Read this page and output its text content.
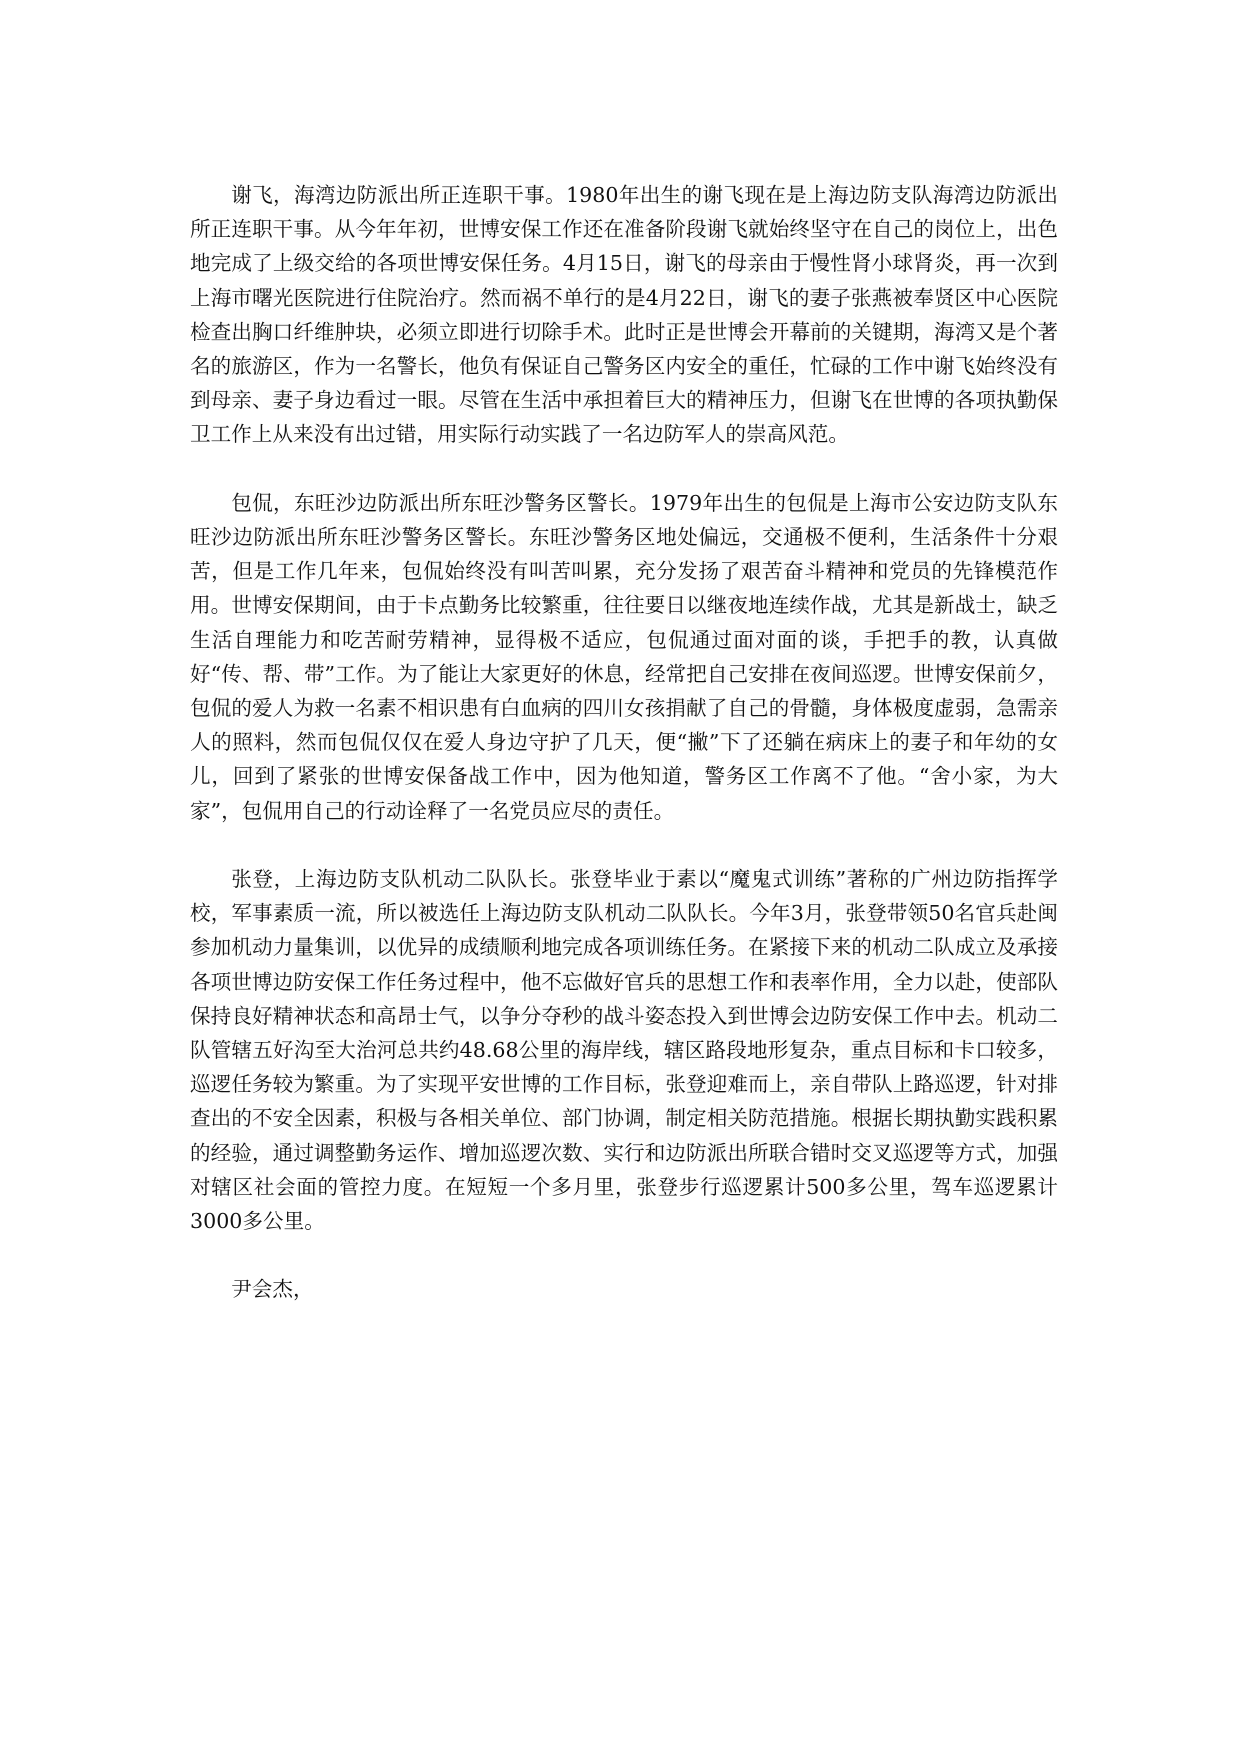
谢飞，海湾边防派出所正连职干事。1980年出生的谢飞现在是上海边防支队海湾边防派出所正连职干事。从今年年初，世博安保工作还在准备阶段谢飞就始终坚守在自己的岗位上，出色地完成了上级交给的各项世博安保任务。4月15日，谢飞的母亲由于慢性肾小球肾炎，再一次到上海市曙光医院进行住院治疗。然而祸不单行的是4月22日，谢飞的妻子张燕被奉贤区中心医院检查出胸口纤维肿块，必须立即进行切除手术。此时正是世博会开幕前的关键期，海湾又是个著名的旅游区，作为一名警长，他负有保证自己警务区内安全的重任，忙碌的工作中谢飞始终没有到母亲、妻子身边看过一眼。尽管在生活中承担着巨大的精神压力，但谢飞在世博的各项执勤保卫工作上从来没有出过错，用实际行动实践了一名边防军人的崇高风范。

包侃，东旺沙边防派出所东旺沙警务区警长。1979年出生的包侃是上海市公安边防支队东旺沙边防派出所东旺沙警务区警长。东旺沙警务区地处偏远，交通极不便利，生活条件十分艰苦，但是工作几年来，包侃始终没有叫苦叫累，充分发扬了艰苦奋斗精神和党员的先锋模范作用。世博安保期间，由于卡点勤务比较繁重，往往要日以继夜地连续作战，尤其是新战士，缺乏生活自理能力和吃苦耐劳精神，显得极不适应，包侃通过面对面的谈，手把手的教，认真做好“传、帮、带”工作。为了能让大家更好的休息，经常把自己安排在夜间巡逻。世博安保前夕，包侃的爱人为救一名素不相识患有白血病的四川女孩捐献了自己的骨髓，身体极度虚弱，急需亲人的照料，然而包侃仅仅在爱人身边守护了几天，便“撇”下了还躺在病床上的妻子和年幼的女儿，回到了紧张的世博安保备战工作中，因为他知道，警务区工作离不了他。“舍小家，为大家”，包侃用自己的行动诠释了一名党员应尽的责任。

张登，上海边防支队机动二队队长。张登毕业于素以“魔鬼式训练”著称的广州边防指挥学校，军事素质一流，所以被选任上海边防支队机动二队队长。今年3月，张登带领50名官兵赴闽参加机动力量集训，以优异的成绩顺利地完成各项训练任务。在紧接下来的机动二队成立及承接各项世博边防安保工作任务过程中，他不忘做好官兵的思想工作和表率作用，全力以赴，使部队保持良好精神状态和高昂士气，以争分夺秒的战斗姿态投入到世博会边防安保工作中去。机动二队管辖五好沟至大治河总共约48.68公里的海岸线，辖区路段地形复杂，重点目标和卡口较多，巡逻任务较为繁重。为了实现平安世博的工作目标，张登迎难而上，亲自带队上路巡逻，针对排查出的不安全因素，积极与各相关单位、部门协调，制定相关防范措施。根据长期执勤实践积累的经验，通过调整勤务运作、增加巡逻次数、实行和边防派出所联合错时交叉巡逻等方式，加强对辖区社会面的管控力度。在短短一个多月里，张登步行巡逻累计500多公里，驾车巡逻累计3000多公里。

尹会杰，
